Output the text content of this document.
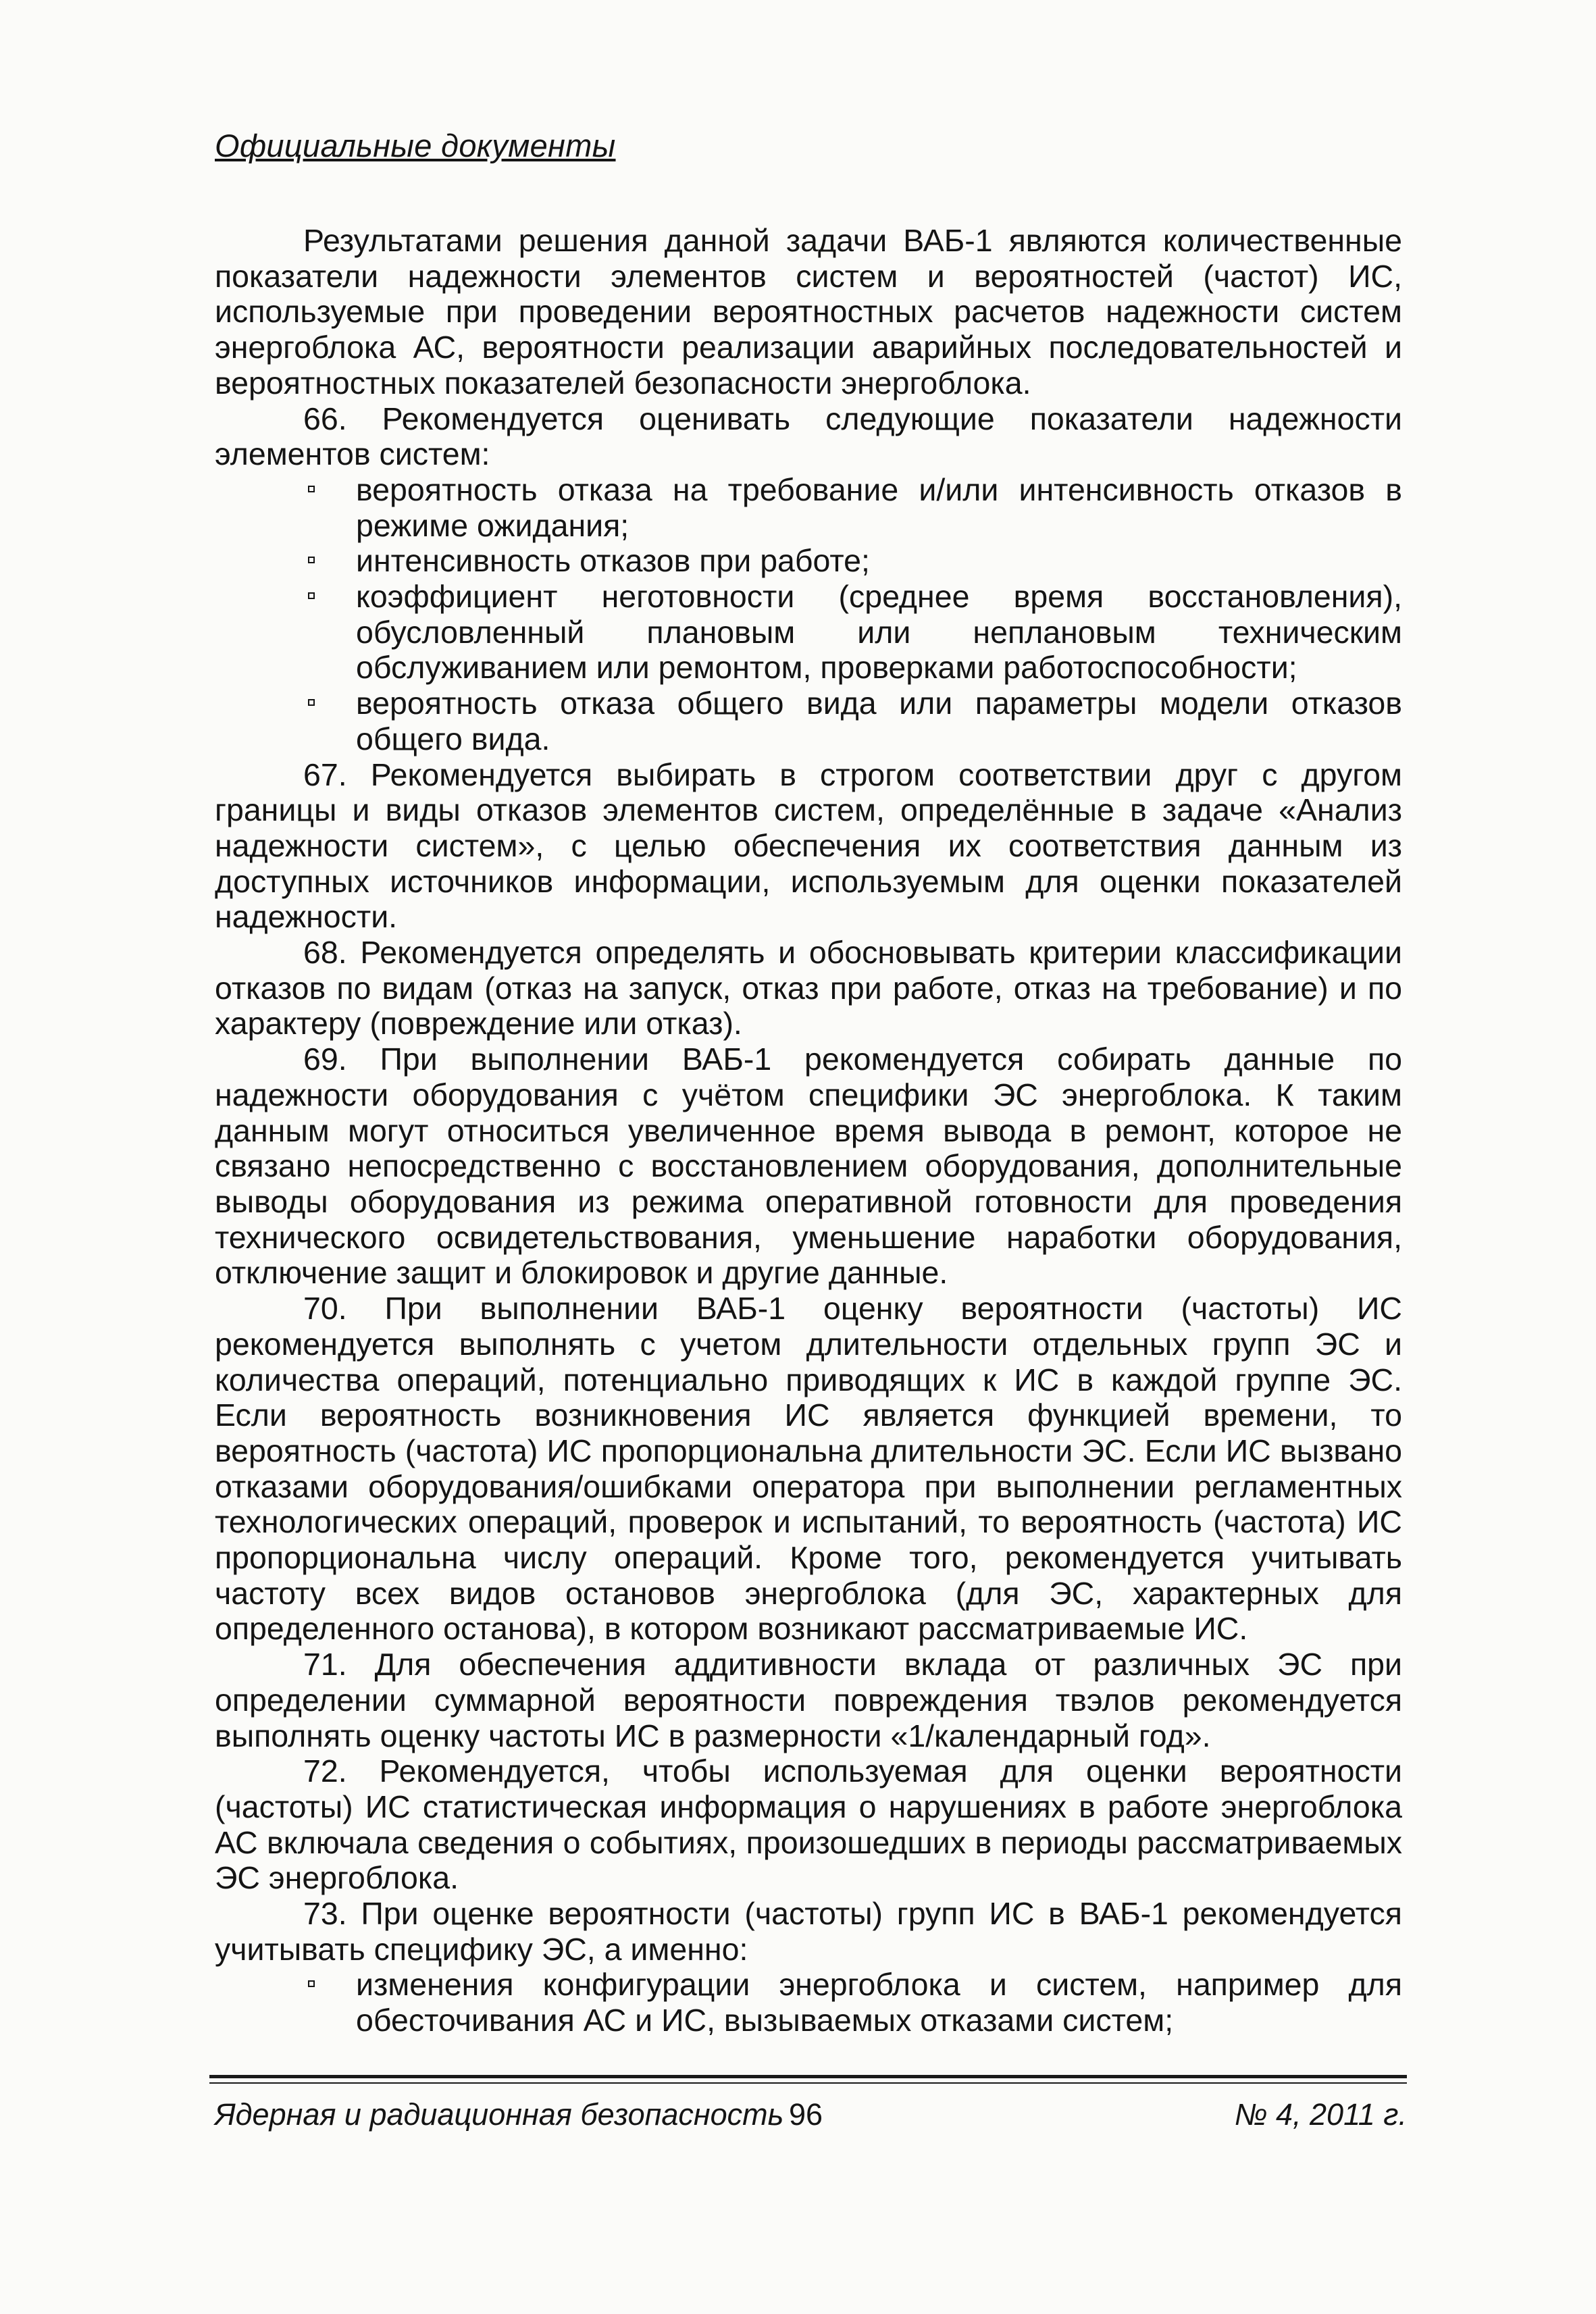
Официальные документы

Результатами решения данной задачи ВАБ-1 являются количественные показатели надежности элементов систем и вероятностей (частот) ИС, используемые при проведении вероятностных расчетов надежности систем энергоблока АС, вероятности реализации аварийных последовательностей и вероятностных показателей безопасности энергоблока.

66. Рекомендуется оценивать следующие показатели надежности элементов систем:

вероятность отказа на требование и/или интенсивность отказов в режиме ожидания;
интенсивность отказов при работе;
коэффициент неготовности (среднее время восстановления), обусловленный плановым или неплановым техническим обслуживанием или ремонтом, проверками работоспособности;
вероятность отказа общего вида или параметры модели отказов общего вида.

67. Рекомендуется выбирать в строгом соответствии друг с другом границы и виды отказов элементов систем, определённые в задаче «Анализ надежности систем», с целью обеспечения их соответствия данным из доступных источников информации, используемым для оценки показателей надежности.

68. Рекомендуется определять и обосновывать критерии классификации отказов по видам (отказ на запуск, отказ при работе, отказ на требование) и по характеру (повреждение или отказ).

69. При выполнении ВАБ-1 рекомендуется собирать данные по надежности оборудования с учётом специфики ЭС энергоблока. К таким данным могут относиться увеличенное время вывода в ремонт, которое не связано непосредственно с восстановлением оборудования, дополнительные выводы оборудования из режима оперативной готовности для проведения технического освидетельствования, уменьшение наработки оборудования, отключение защит и блокировок и другие данные.

70. При выполнении ВАБ-1 оценку вероятности (частоты) ИС рекомендуется выполнять с учетом длительности отдельных групп ЭС и количества операций, потенциально приводящих к ИС в каждой группе ЭС. Если вероятность возникновения ИС является функцией времени, то вероятность (частота) ИС пропорциональна длительности ЭС. Если ИС вызвано отказами оборудования/ошибками оператора при выполнении регламентных технологических операций, проверок и испытаний, то вероятность (частота) ИС пропорциональна числу операций. Кроме того, рекомендуется учитывать частоту всех видов остановов энергоблока (для ЭС, характерных для определенного останова), в котором возникают рассматриваемые ИС.

71. Для обеспечения аддитивности вклада от различных ЭС при определении суммарной вероятности повреждения твэлов рекомендуется выполнять оценку частоты ИС в размерности «1/календарный год».

72. Рекомендуется, чтобы используемая для оценки вероятности (частоты) ИС статистическая информация о нарушениях в работе энергоблока АС включала сведения о событиях, произошедших в периоды рассматриваемых ЭС энергоблока.

73. При оценке вероятности (частоты) групп ИС в ВАБ-1 рекомендуется учитывать специфику ЭС, а именно:

изменения конфигурации энергоблока и систем, например для обесточивания АС и ИС, вызываемых отказами систем;
Ядерная и радиационная безопасность 96	№ 4, 2011 г.
